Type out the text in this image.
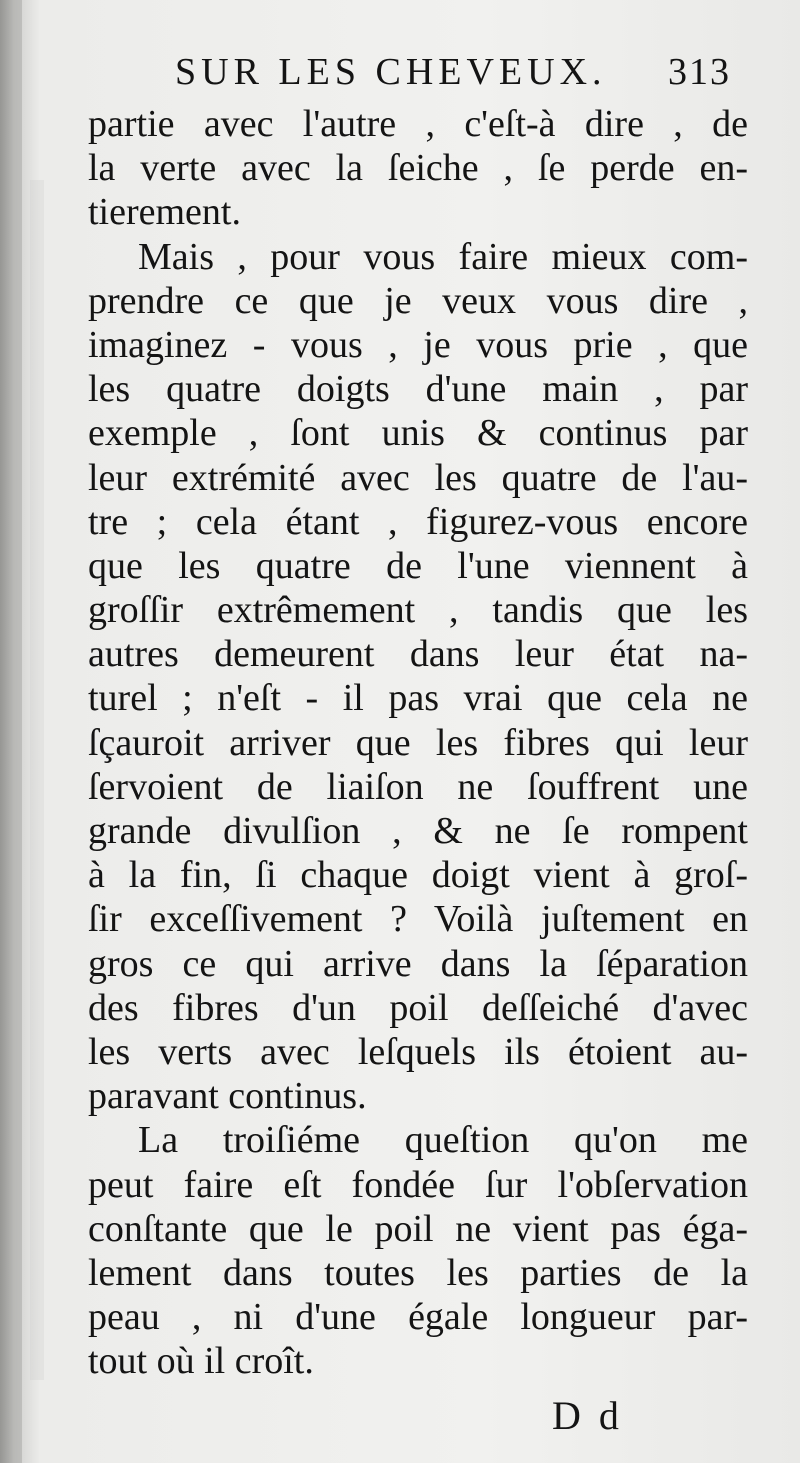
SUR LES CHEVEUX. 313
partie avec l'autre , c'eſt-à dire , de
la verte avec la ſeiche , ſe perde en-
tierement.
Mais , pour vous faire mieux com-
prendre ce que je veux vous dire ,
imaginez - vous , je vous prie , que
les quatre doigts d'une main , par
exemple , ſont unis & continus par
leur extrémité avec les quatre de l'au-
tre ; cela étant , figurez-vous encore
que les quatre de l'une viennent à
groſſir extrêmement , tandis que les
autres demeurent dans leur état na-
turel ; n'eſt - il pas vrai que cela ne
ſçauroit arriver que les fibres qui leur
ſervoient de liaiſon ne ſouffrent une
grande divulſion , & ne ſe rompent
à la fin, ſi chaque doigt vient à groſ-
ſir exceſſivement ? Voilà juſtement en
gros ce qui arrive dans la ſéparation
des fibres d'un poil deſſeiché d'avec
les verts avec leſquels ils étoient au-
paravant continus.
La troiſiéme queſtion qu'on me
peut faire eſt fondée ſur l'obſervation
conſtante que le poil ne vient pas éga-
lement dans toutes les parties de la
peau , ni d'une égale longueur par-
tout où il croît.
D d
